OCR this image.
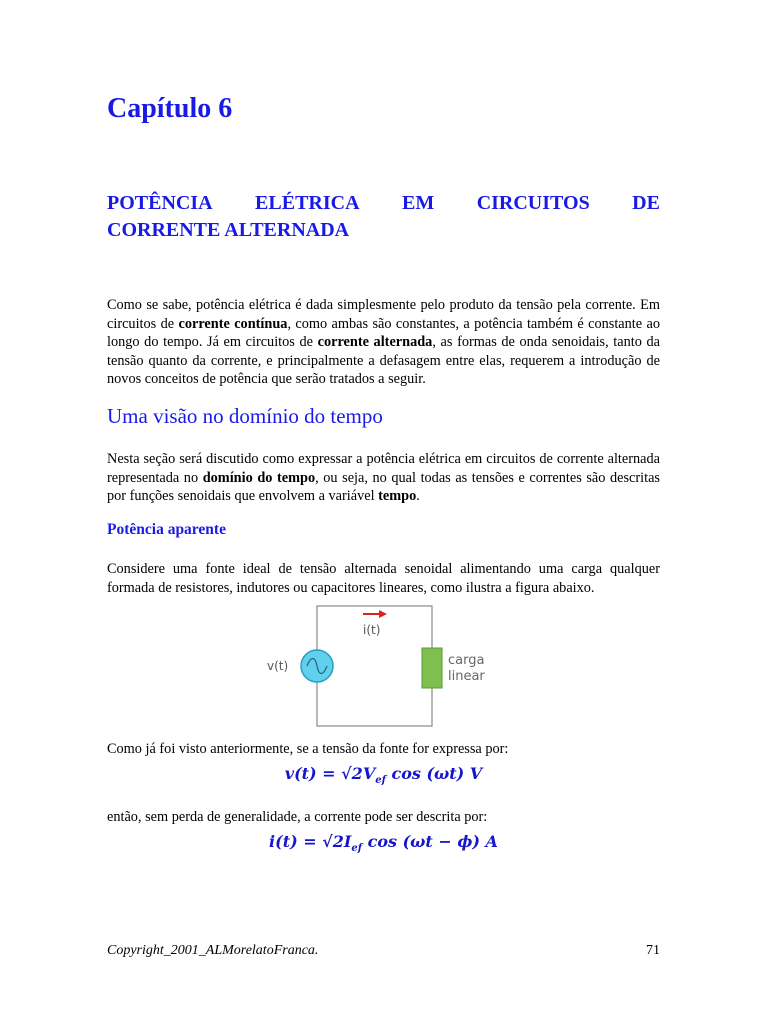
Capítulo 6
POTÊNCIA ELÉTRICA EM CIRCUITOS DE
CORRENTE ALTERNADA

Como se sabe, potência elétrica é dada simplesmente pelo produto da tensão pela corrente. Em circuitos de corrente contínua, como ambas são constantes, a potência também é constante ao longo do tempo. Já em circuitos de corrente alternada, as formas de onda senoidais, tanto da tensão quanto da corrente, e principalmente a defasagem entre elas, requerem a introdução de novos conceitos de potência que serão tratados a seguir.

Uma visão no domínio do tempo

Nesta seção será discutido como expressar a potência elétrica em circuitos de corrente alternada representada no domínio do tempo, ou seja, no qual todas as tensões e correntes são descritas por funções senoidais que envolvem a variável tempo.

Potência aparente

Considere uma fonte ideal de tensão alternada senoidal alimentando uma carga qualquer formada de resistores, indutores ou capacitores lineares, como ilustra a figura abaixo.

i(t)
v(t)	carga
linear

Como já foi visto anteriormente, se a tensão da fonte for expressa por:

$v(t) = √2V_{ef}$ cos (ωt) V

então, sem perda de generalidade, a corrente pode ser descrita por:

$i(t) = √2I_{ef}$ cos (ωt − ϕ) A
Copyright_2001_ALMorelatoFranca.	71
